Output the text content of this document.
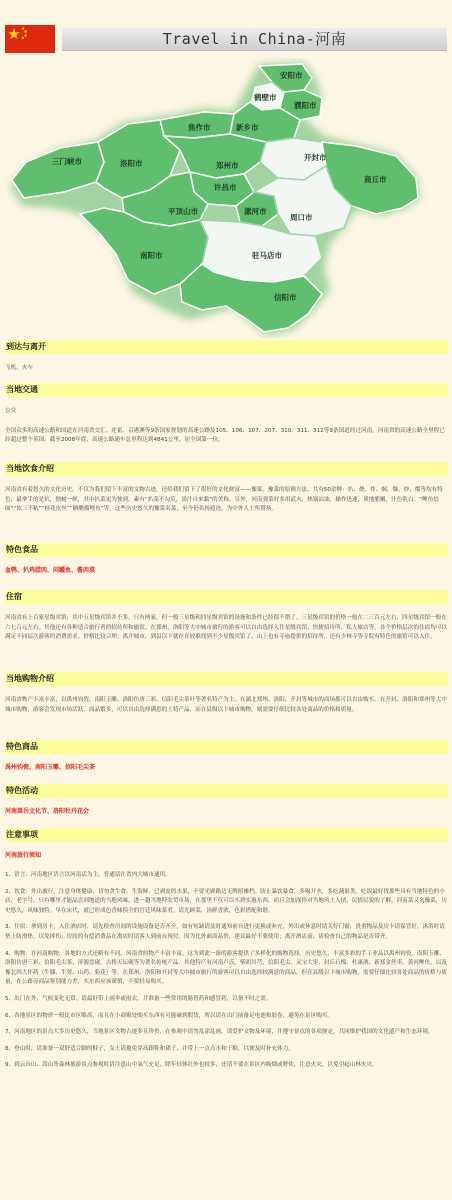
Travel in China-河南
安阳市
鹤壁市
濮阳市
焦作市	新乡市
三门峡市	洛阳市	郑州市
开封市
商丘市
许昌市
平顶山市	漯河市
周口市
南阳市	驻马店市
信阳市
到达与离开
飞机，火车
当地交通
公交
全国众多的高速公路和国道在河南省交汇。连霍、京港澳等9条国家规划的高速公路及105、106、107、207、310、311、312等9条国道经过河南，河南省的高速公路全里程已经超过整个英国。截至2008年底，高速公路通车总里程达到4841公里，居全国第一位。
当地饮食介绍
河南省有着悠久的文化历史，不仅为我们留下丰富的文物古迹，还给我们留下了很好的文化财富——豫菜。豫菜的原调方法，共有50余种：扒、烧、炸、焖、爆、炒、熘等均有特色，最拿手的是扒，独树一帜，其中扒菜更为独到，素有“扒菜不勾芡，汤汁自来黏”的美称。另外，河南强菜好多用武火，热锅凉油，操作迅速，质地脆嫩，汁色乳白。“鲤鱼焙面”“软三不粘”“桂花皮丝”“糖醋熘鲤鱼”等，这些历史悠久的豫菜名菜，至今仍名扬遐迩，为中外人士所赞扬。
特色食品
血鸭、扒鸡腊肉、闷罐鱼、酱肉菜
住宿
河南省有上百家星级宾馆，其中五星级宾馆并不多，只有两家，但一般三星级和四星级宾馆的设施和条件已经很不错了。三星级宾馆的价格一般在二三百元左右，四星级宾馆一般在六七百元左右。其他还有各种适合旅行者的招待所和旅馆。在郑州、洛阳等大中城市旅行的游客可以自由选择入住星级宾馆、快捷招待所、私人旅店等，各个价格层次的住宿均可以满足不同层次游客的消费需求。价格比较合理；离开城市，到县以下就存在较难找到不少星级宾馆了，山上也有寺庙提供的招待所，还有少林寺等寺院有特色的旅馆可以入住。
当地购物介绍
河南省物产丰富丰富，以禹州钧瓷、南阳玉雕、洛阳仿唐三彩、信阳毛尖茶叶等著名特产为主，在湖北郑州、洛阳、开封等城市的商场都可以自由购买。在开封、洛阳和郑州等大中城市购物，游客会发现市场活跃，商品繁多，可以自由选择满意的土特产品，而在县级以下城市购物，则需要仔细比较各处商品的价格和质量。
特色商品
禹州钧瓷、南阳玉雕、信阳毛尖茶
特色活动
河南嵩岳文化节、洛阳牡丹花会
注意事项
河南旅行须知
1、语言：河南地区语言以河南话为主，普通话在省内大城市通用。
2、饮食：外出旅行，注意身体健康，切勿贪生食、生海鲜、已剥皮的水果，不要光顾路边无牌照摊档。防止暴饮暴食，多喝开水，多吃蔬果类。吃饭最好找那些具有当地特色的小店、老字号，只有哪里才能品尝到地道的当地风味。进一趟当地特农贸市场，在那里不仅可以买到实惠东西，而且会加深你对当地风土人情、民情民貌的了解。河南菜又名豫菜，历史悠久，风味独特。早在宋代，就已形成色香味俱全的宫廷风味菜肴。请光顾菜，汤鲜香浓，色彩搭配和谐。
3、住宿：拿到房卡，入住酒店时，请先检查房间的设施设备是否齐全，如有短缺请及时通知前台进行更换或补充，外出或休息时请关好门窗，贵重物品及房卡请保管好，沐浴时请垫上防滑垫，以免摔伤；房间的有偿消费品在离店时请客人到前台现付，因为比外面商品贵，建议最好不要使用；离开酒店前，请检查自己的物品是否带齐。
4、购物：在河南购物，各地的方式还略有不同。河南省的物产丰富丰富，这为到此一游的游客提供了多样化的购物选择。历史悠久，丰富多彩的手工业品以禹州钧瓷、南阳玉雕、洛阳仿唐三彩、信阳毛尖茶、济源盘砚、古桥天坛砚等为著名传统产品，其他特产有河南卢氏、柴胡川芎、信阳毛尖、灵宝大枣、封丘石榴、杜康酒、新郑金丝枣、黄河鲤鱼，以及豫北四大怀药（牛膝、牛蒡、山药、菊花）等。在郑州、洛阳和开封等大中城市旅行的游客可以自由选择较满意的商品，但在县级以下城市购物，需要仔细比较各处商品的价格与质量，在公路旁商品鉴别能力差，买东西应该谨慎，不要轻易购买。
5、出门在外，气候变化无常，请最好带上雨伞或雨衣。并准备一些常用的肠胃药和感冒药，以备不时之需。
6、各地景区的物价一般比市区略高，而且在小商贩处购买东西有可能碰到假货，所以请在出门前备足电池和胶卷，避免在景区购买。
7、河南地区的景点大多历史悠久，当地景区文物古迹多且珍贵，在参观中请勿乱涂乱画，请爱护文物及环境，并遵守景点的各项规定，共同维护我国的文化遗产和生态环境。
8、登山时，请准备一双舒适合脚的鞋子，女士请避免穿高跟鞋和裙子，并带上一点点水和干粮，以便及时补充体力。
9、到云台山、嵩山等森林旅游景点参观时请注意山中氧气充足，除年轻体壮外也较多，还请不要在景区内吸烟或野炊，注意火灾，以免引起山林火灾。
